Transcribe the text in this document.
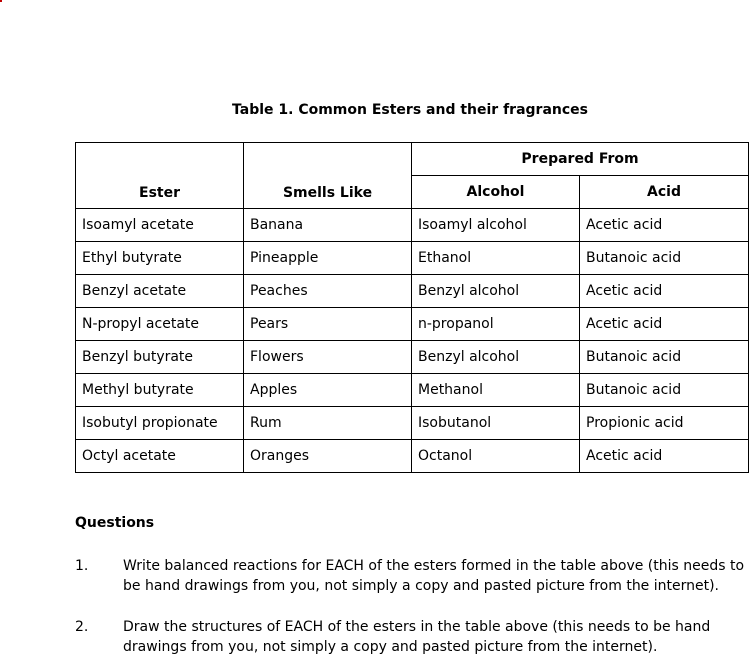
Table 1. Common Esters and their fragrances
Ester	Smells Like	Prepared From	
		Alcohol	Acid
Isoamyl acetate	Banana	Isoamyl alcohol	Acetic acid
Ethyl butyrate	Pineapple	Ethanol	Butanoic acid
Benzyl acetate	Peaches	Benzyl alcohol	Acetic acid
N-propyl acetate	Pears	n-propanol	Acetic acid
Benzyl butyrate	Flowers	Benzyl alcohol	Butanoic acid
Methyl butyrate	Apples	Methanol	Butanoic acid
Isobutyl propionate	Rum	Isobutanol	Propionic acid
Octyl acetate	Oranges	Octanol	Acetic acid
Questions
1. Write balanced reactions for EACH of the esters formed in the table above (this needs to be hand drawings from you, not simply a copy and pasted picture from the internet).
2. Draw the structures of EACH of the esters in the table above (this needs to be hand drawings from you, not simply a copy and pasted picture from the internet).
